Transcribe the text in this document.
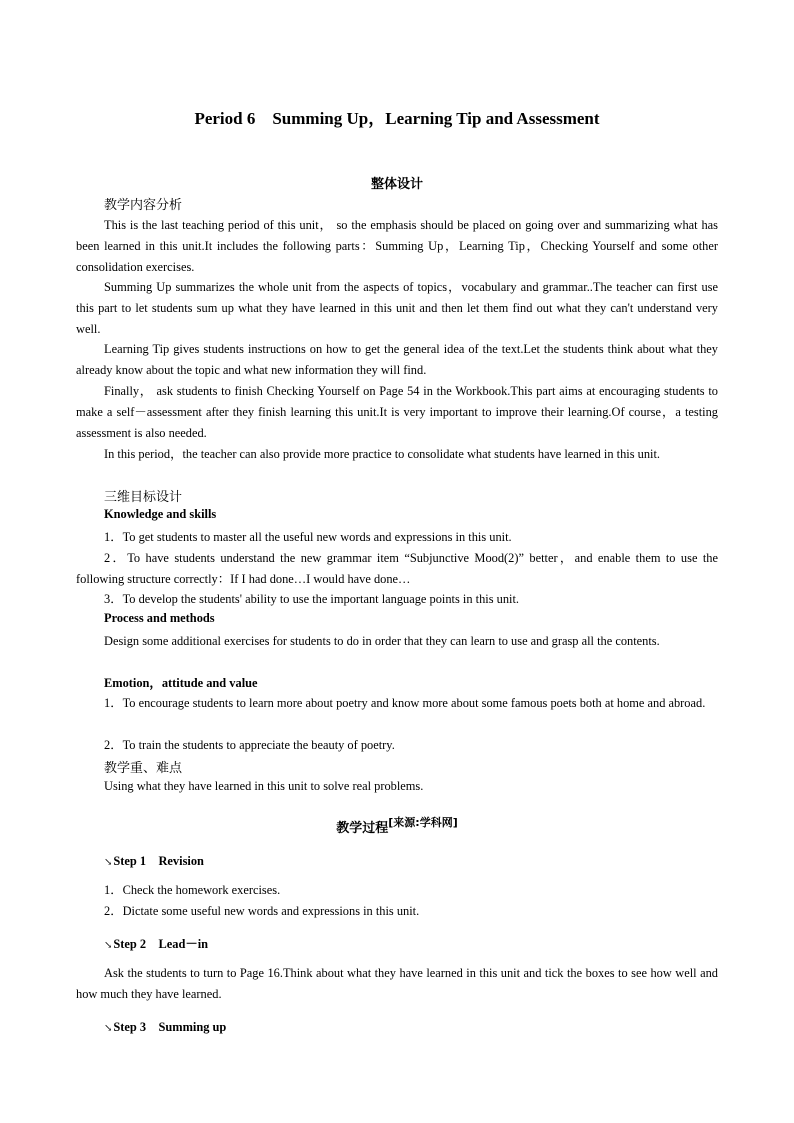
Period 6　Summing Up，Learning Tip and Assessment
整体设计
教学内容分析
This is the last teaching period of this unit， so the emphasis should be placed on going over and summarizing what has been learned in this unit.It includes the following parts：Summing Up，Learning Tip，Checking Yourself and some other consolidation exercises.
Summing Up summarizes the whole unit from the aspects of topics，vocabulary and grammar..The teacher can first use this part to let students sum up what they have learned in this unit and then let them find out what they can't understand very well.
Learning Tip gives students instructions on how to get the general idea of the text.Let the students think about what they already know about the topic and what new information they will find.
Finally， ask students to finish Checking Yourself on Page 54 in the Workbook.This part aims at encouraging students to make a self－assessment after they finish learning this unit.It is very important to improve their learning.Of course，a testing assessment is also needed.
In this period，the teacher can also provide more practice to consolidate what students have learned in this unit.
三维目标设计
Knowledge and skills
1．To get students to master all the useful new words and expressions in this unit.
2．To have students understand the new grammar item “Subjunctive Mood(2)” better，and enable them to use the following structure correctly：If I had done…I would have done…
3．To develop the students' ability to use the important language points in this unit.
Process and methods
Design some additional exercises for students to do in order that they can learn to use and grasp all the contents.
Emotion，attitude and value
1．To encourage students to learn more about poetry and know more about some famous poets both at home and abroad.
2．To train the students to appreciate the beauty of poetry.
教学重、难点
Using what they have learned in this unit to solve real problems.
教学过程[来源:学科网]
↘Step 1　Revision
1．Check the homework exercises.
2．Dictate some useful new words and expressions in this unit.
↘Step 2　Lead－in
Ask the students to turn to Page 16.Think about what they have learned in this unit and tick the boxes to see how well and how much they have learned.
↘Step 3　Summing up
